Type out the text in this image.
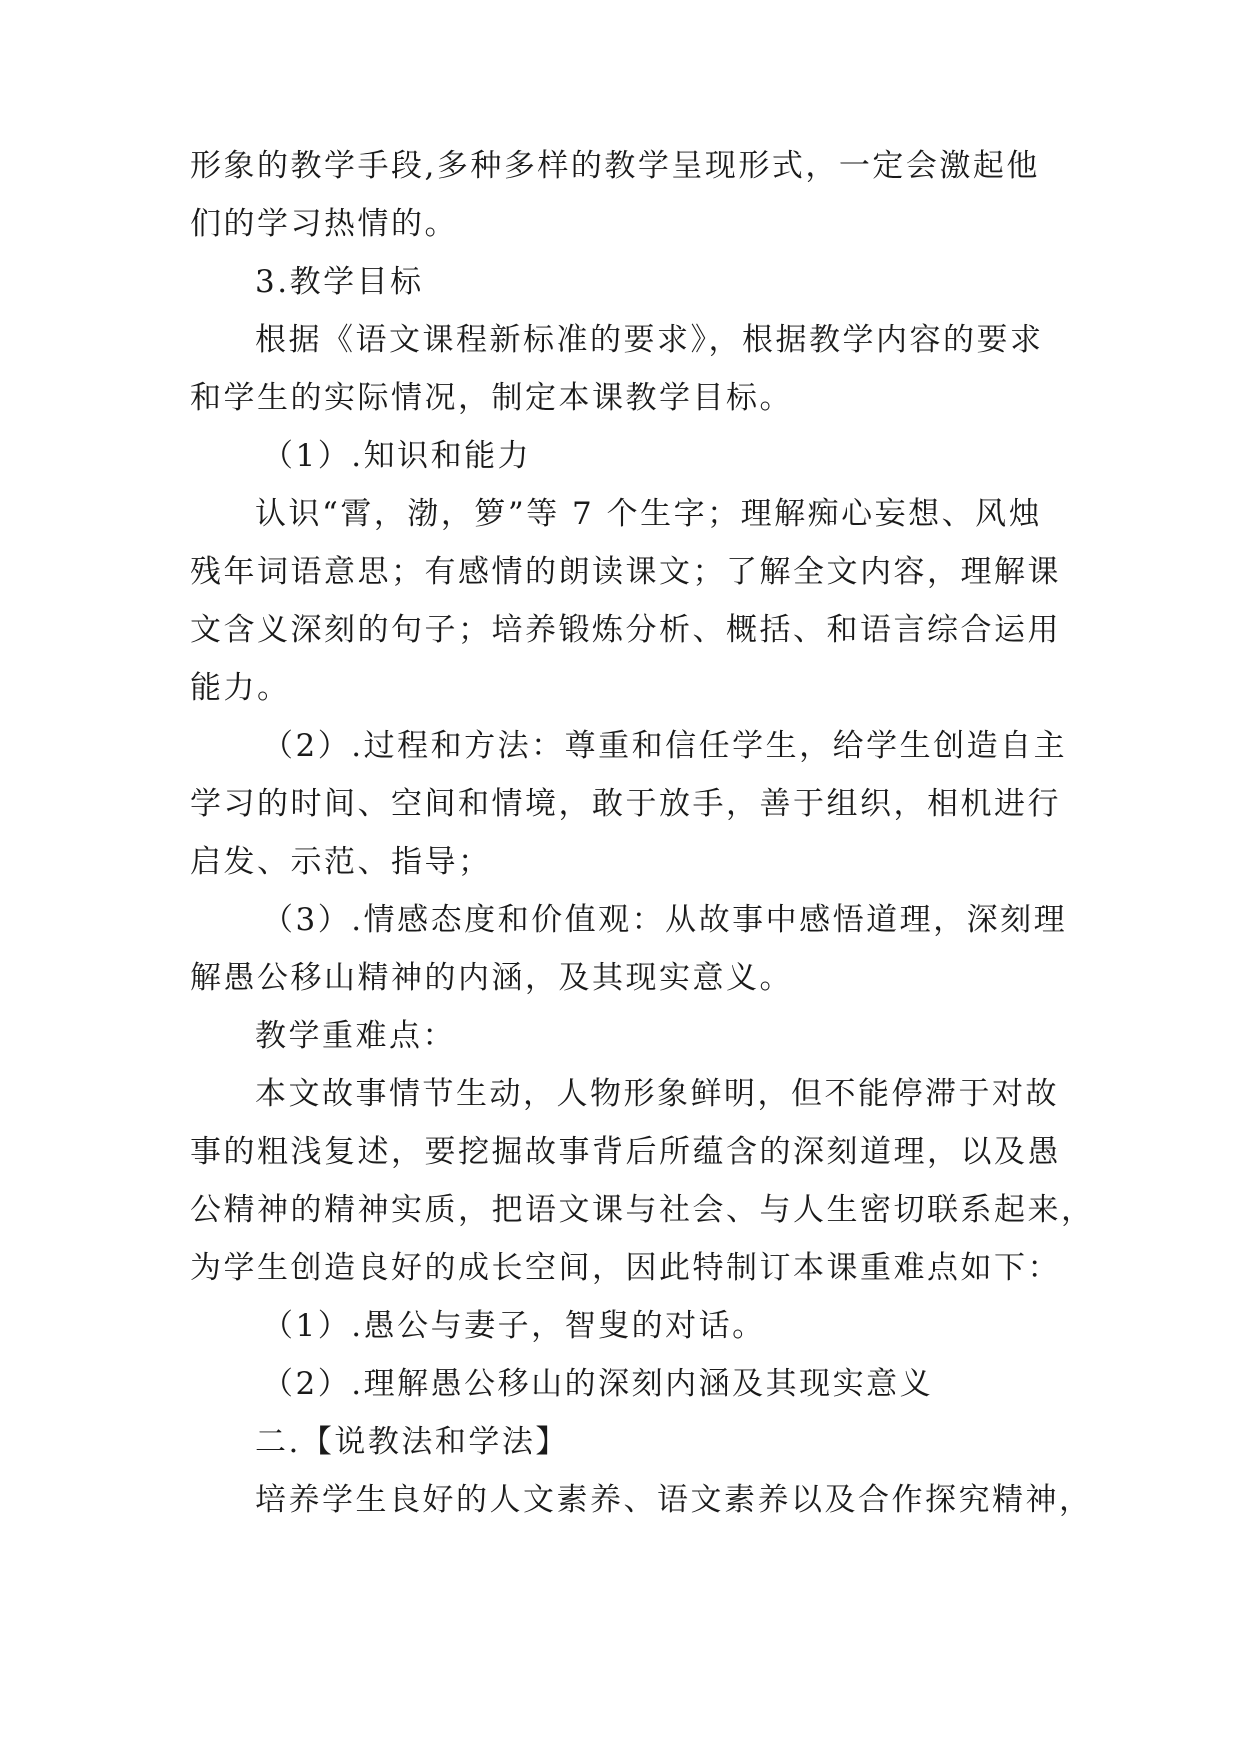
形象的教学手段,多种多样的教学呈现形式，一定会激起他
们的学习热情的。
3.教学目标
根据《语文课程新标准的要求》，根据教学内容的要求
和学生的实际情况，制定本课教学目标。
（1）.知识和能力
认识“霄，渤，箩”等 7 个生字；理解痴心妄想、风烛
残年词语意思；有感情的朗读课文；了解全文内容，理解课
文含义深刻的句子；培养锻炼分析、概括、和语言综合运用
能力。
（2）.过程和方法：尊重和信任学生，给学生创造自主
学习的时间、空间和情境，敢于放手，善于组织，相机进行
启发、示范、指导；
（3）.情感态度和价值观：从故事中感悟道理，深刻理
解愚公移山精神的内涵，及其现实意义。
教学重难点：
本文故事情节生动，人物形象鲜明，但不能停滞于对故
事的粗浅复述，要挖掘故事背后所蕴含的深刻道理，以及愚
公精神的精神实质，把语文课与社会、与人生密切联系起来，
为学生创造良好的成长空间，因此特制订本课重难点如下：
（1）.愚公与妻子，智叟的对话。
（2）.理解愚公移山的深刻内涵及其现实意义
二.【说教法和学法】
培养学生良好的人文素养、语文素养以及合作探究精神，
